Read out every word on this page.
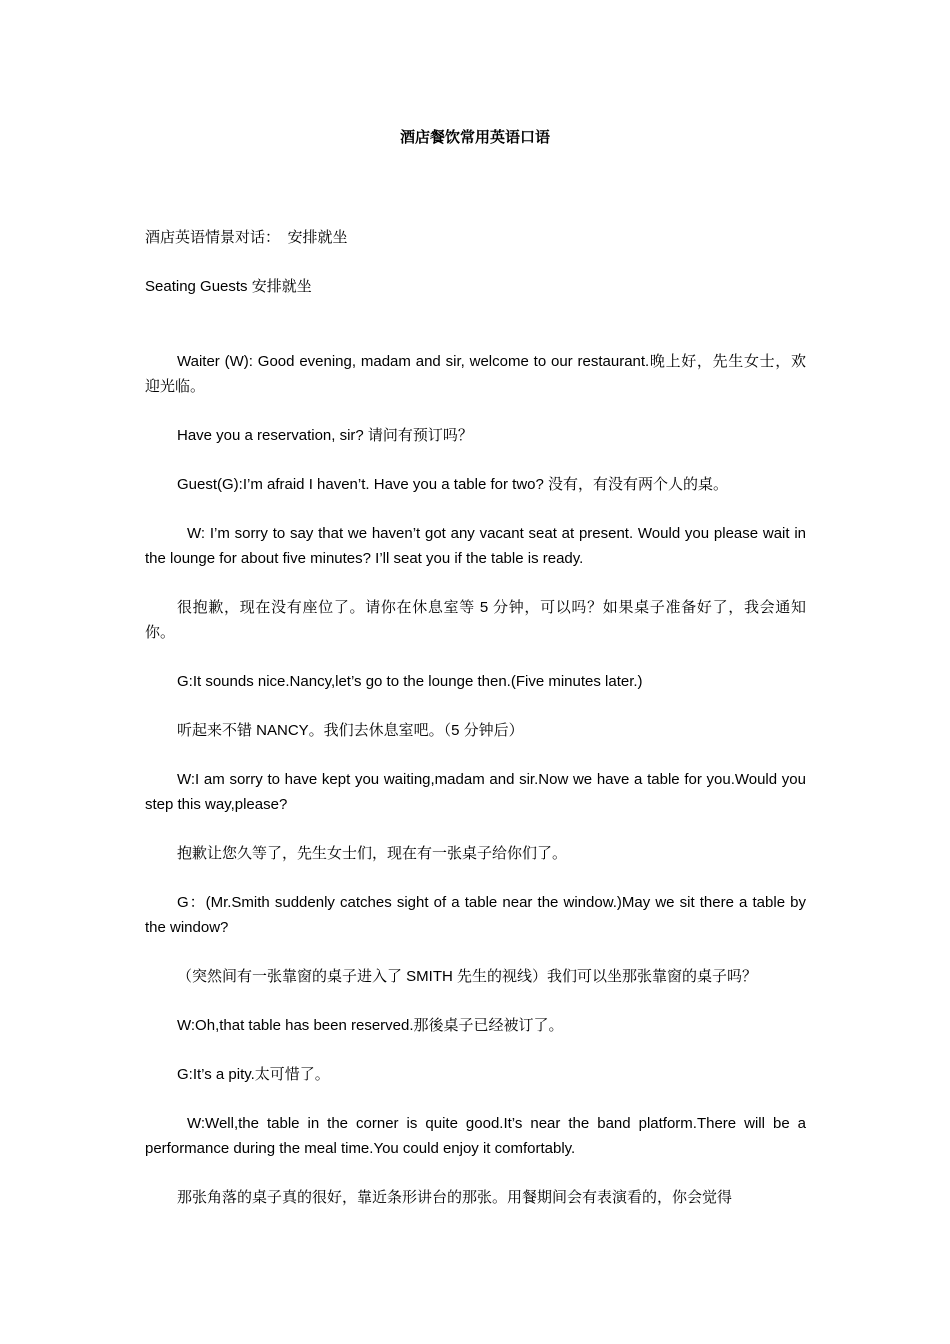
酒店餐饮常用英语口语

酒店英语情景对话：　安排就坐

Seating Guests 安排就坐

Waiter (W): Good evening, madam and sir, welcome to our restaurant.晚上好，先生女士，欢迎光临。

Have you a reservation, sir? 请问有预订吗？

Guest(G):I’m afraid I haven’t. Have you a table for two? 没有，有没有两个人的桌。

W: I’m sorry to say that we haven’t got any vacant seat at present. Would you please wait in the lounge for about five minutes? I’ll seat you if the table is ready.

很抱歉，现在没有座位了。请你在休息室等 5 分钟，可以吗？如果桌子准备好了，我会通知你。

G:It sounds nice.Nancy,let’s go to the lounge then.(Five minutes later.)

听起来不错 NANCY。我们去休息室吧。（5 分钟后）

W:I am sorry to have kept you waiting,madam and sir.Now we have a table for you.Would you step this way,please?

抱歉让您久等了，先生女士们，现在有一张桌子给你们了。

G：(Mr.Smith suddenly catches sight of a table near the window.)May we sit there a table by the window?

（突然间有一张靠窗的桌子进入了 SMITH 先生的视线）我们可以坐那张靠窗的桌子吗？

W:Oh,that table has been reserved.那後桌子已经被订了。

G:It’s a pity.太可惜了。

W:Well,the table in the corner is quite good.It’s near the band platform.There will be a performance during the meal time.You could enjoy it comfortably.

那张角落的桌子真的很好，靠近条形讲台的那张。用餐期间会有表演看的，你会觉得
